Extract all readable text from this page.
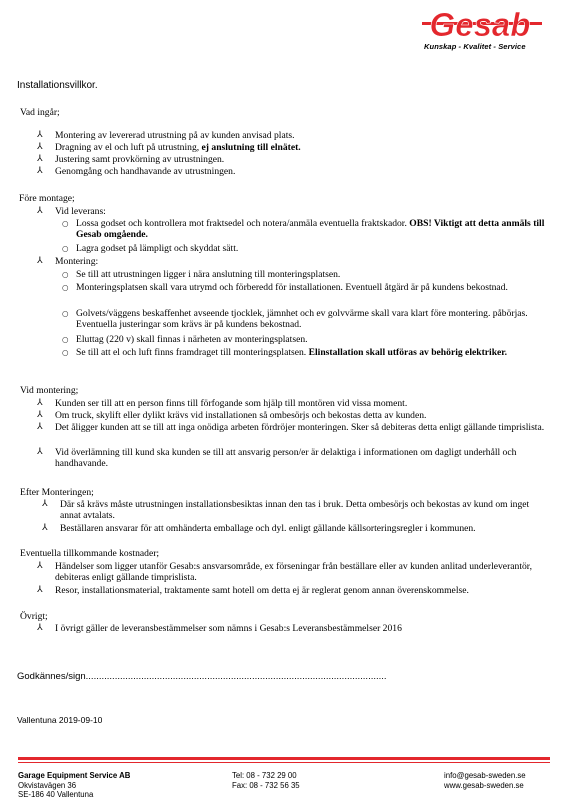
Gesab
Kunskap - Kvalitet - Service
Installationsvillkor.
Vad ingår;
⅄ Montering av levererad utrustning på av kunden anvisad plats.
⅄ Dragning av el och luft på utrustning, ej anslutning till elnätet.
⅄ Justering samt provkörning av utrustningen.
⅄ Genomgång och handhavande av utrustningen.
Före montage;
⅄ Vid leverans:
○ Lossa godset och kontrollera mot fraktsedel och notera/anmäla eventuella fraktskador. OBS! Viktigt att detta anmäls till Gesab omgående.
○ Lagra godset på lämpligt och skyddat sätt.
⅄ Montering:
○ Se till att utrustningen ligger i nära anslutning till monteringsplatsen.
○ Monteringsplatsen skall vara utrymd och förberedd för installationen. Eventuell åtgärd är på kundens bekostnad.
○ Golvets/väggens beskaffenhet avseende tjocklek, jämnhet och ev golvvärme skall vara klart före montering. påbörjas. Eventuella justeringar som krävs är på kundens bekostnad.
○ Eluttag (220 v) skall finnas i närheten av monteringsplatsen.
○ Se till att el och luft finns framdraget till monteringsplatsen. Elinstallation skall utföras av behörig elektriker.
Vid montering;
⅄ Kunden ser till att en person finns till förfogande som hjälp till montören vid vissa moment.
⅄ Om truck, skylift eller dylikt krävs vid installationen så ombesörjs och bekostas detta av kunden.
⅄ Det åligger kunden att se till att inga onödiga arbeten fördröjer monteringen. Sker så debiteras detta enligt gällande timprislista.
⅄ Vid överlämning till kund ska kunden se till att ansvarig person/er är delaktiga i informationen om dagligt underhåll och handhavande.
Efter Monteringen;
⅄ Där så krävs måste utrustningen installationsbesiktas innan den tas i bruk. Detta ombesörjs och bekostas av kund om inget annat avtalats.
⅄ Beställaren ansvarar för att omhänderta emballage och dyl. enligt gällande källsorteringsregler i kommunen.
Eventuella tillkommande kostnader;
⅄ Händelser som ligger utanför Gesab:s ansvarsområde, ex förseningar från beställare eller av kunden anlitad underleverantör, debiteras enligt gällande timprislista.
⅄ Resor, installationsmaterial, traktamente samt hotell om detta ej är reglerat genom annan överenskommelse.
Övrigt;
⅄ I övrigt gäller de leveransbestämmelser som nämns i Gesab:s Leveransbestämmelser 2016
Godkännes/sign..................................................................................................................
Vallentuna 2019-09-10
Garage Equipment Service AB
Okvistavägen 36
SE-186 40 Vallentuna
Tel: 08 - 732 29 00
Fax: 08 - 732 56 35
info@gesab-sweden.se
www.gesab-sweden.se
